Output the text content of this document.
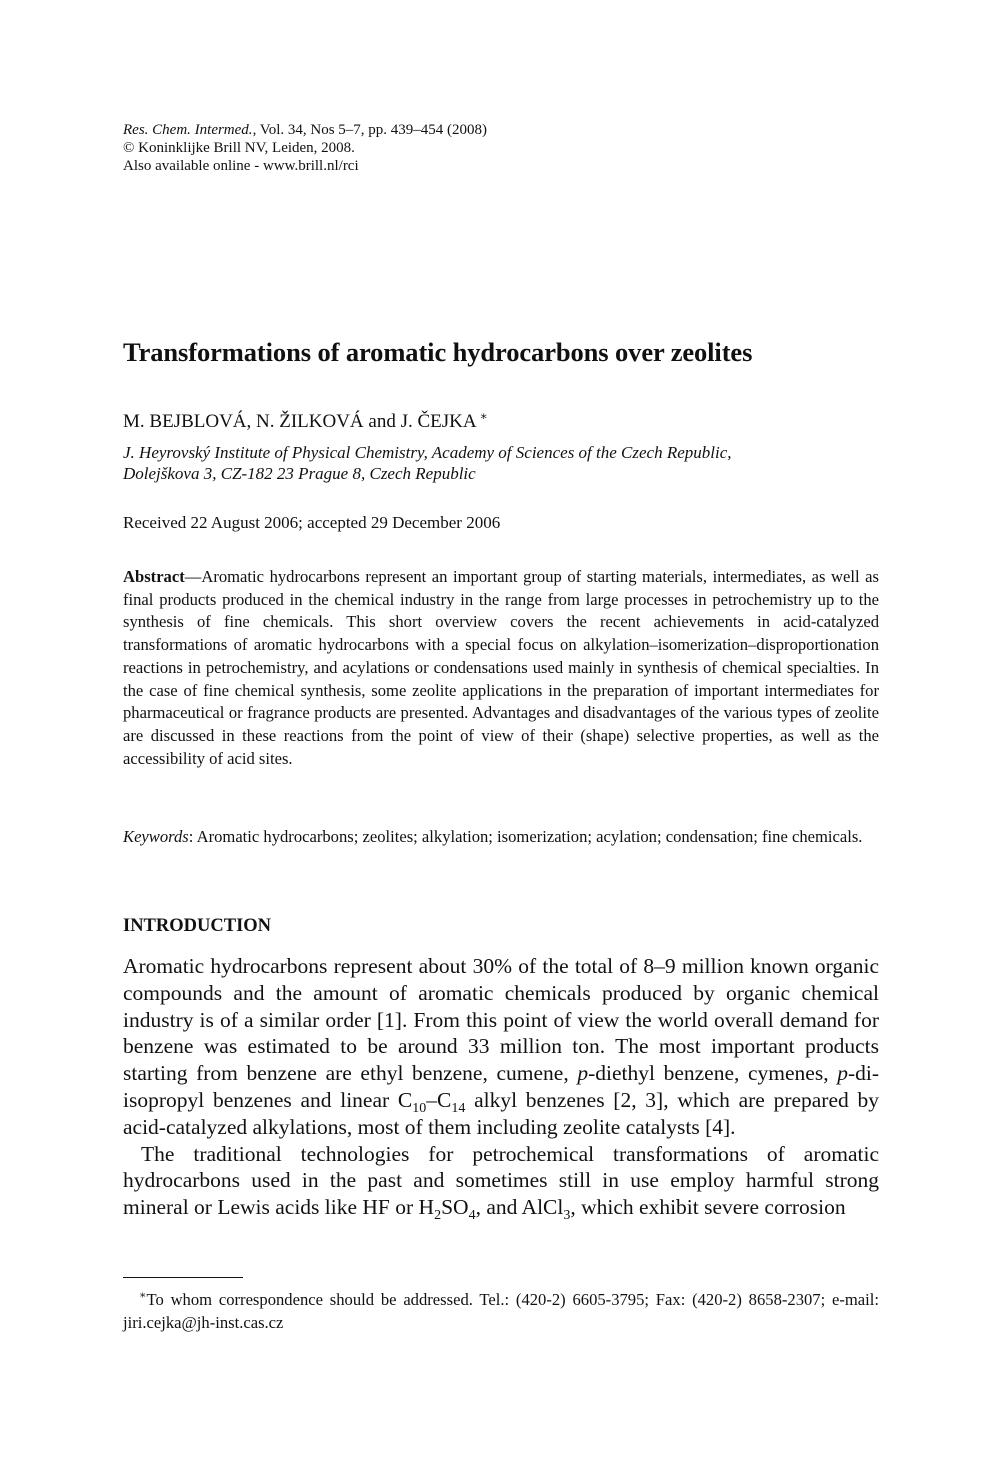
Res. Chem. Intermed., Vol. 34, Nos 5–7, pp. 439–454 (2008)
© Koninklijke Brill NV, Leiden, 2008.
Also available online - www.brill.nl/rci
Transformations of aromatic hydrocarbons over zeolites
M. BEJBLOVÁ, N. ŽILKOVÁ and J. ČEJKA ∗
J. Heyrovský Institute of Physical Chemistry, Academy of Sciences of the Czech Republic,
Dolejškova 3, CZ-182 23 Prague 8, Czech Republic
Received 22 August 2006; accepted 29 December 2006
Abstract—Aromatic hydrocarbons represent an important group of starting materials, intermediates, as well as final products produced in the chemical industry in the range from large processes in petrochemistry up to the synthesis of fine chemicals. This short overview covers the recent achievements in acid-catalyzed transformations of aromatic hydrocarbons with a special focus on alkylation–isomerization–disproportionation reactions in petrochemistry, and acylations or condensations used mainly in synthesis of chemical specialties. In the case of fine chemical synthesis, some zeolite applications in the preparation of important intermediates for pharmaceutical or fragrance products are presented. Advantages and disadvantages of the various types of zeolite are discussed in these reactions from the point of view of their (shape) selective properties, as well as the accessibility of acid sites.
Keywords: Aromatic hydrocarbons; zeolites; alkylation; isomerization; acylation; condensation; fine chemicals.
INTRODUCTION

Aromatic hydrocarbons represent about 30% of the total of 8–9 million known organic compounds and the amount of aromatic chemicals produced by organic chemical industry is of a similar order [1]. From this point of view the world overall demand for benzene was estimated to be around 33 million ton. The most important products starting from benzene are ethyl benzene, cumene, p-diethyl benzene, cymenes, p-di-isopropyl benzenes and linear $C_{10}-C_{14}$ alkyl benzenes [2, 3], which are prepared by acid-catalyzed alkylations, most of them including zeolite catalysts [4].

The traditional technologies for petrochemical transformations of aromatic hydrocarbons used in the past and sometimes still in use employ harmful strong mineral or Lewis acids like HF or $H_2SO_4$, and AlCl$_3$, which exhibit severe corrosion

∗To whom correspondence should be addressed. Tel.: (420-2) 6605-3795; Fax: (420-2) 8658-2307; e-mail: jiri.cejka@jh-inst.cas.cz
